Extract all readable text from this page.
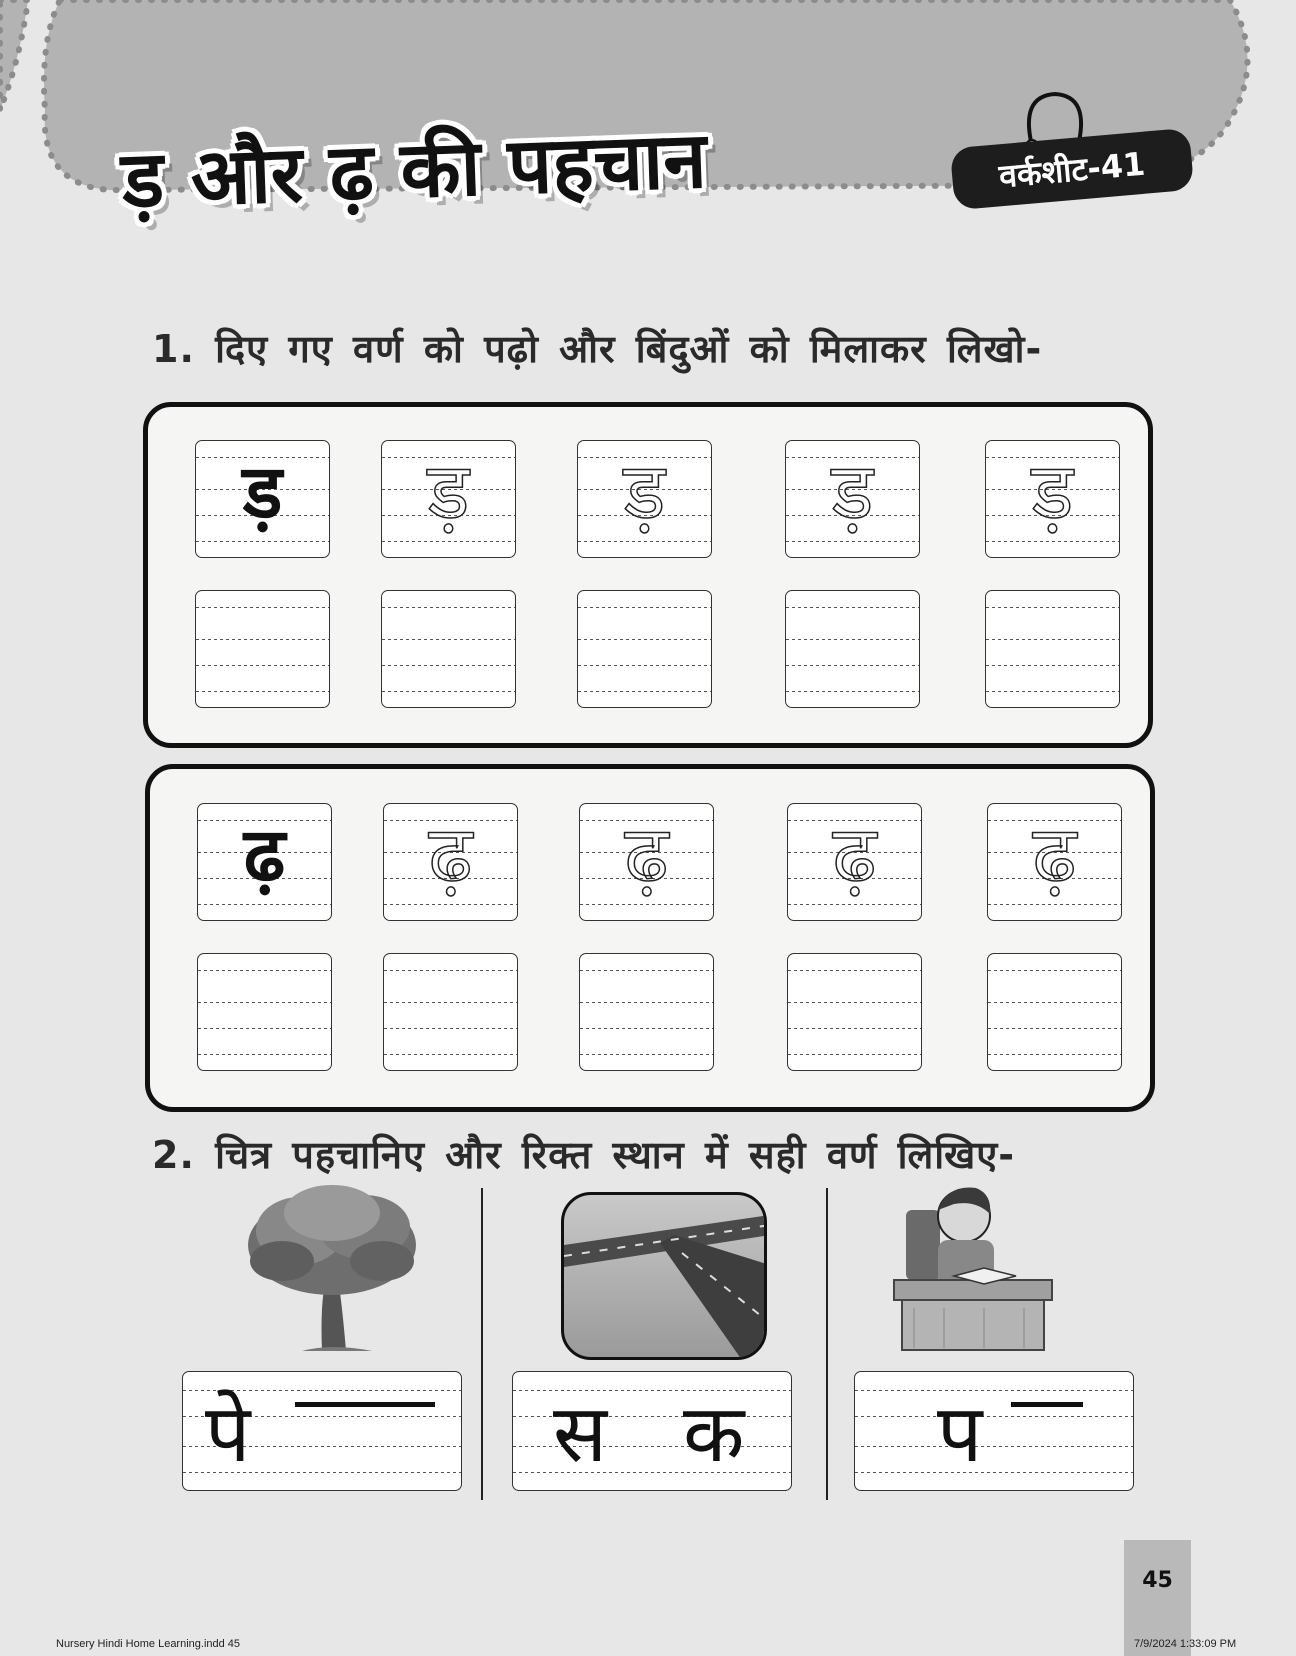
ड़ और ढ़ की पहचान	वर्कशीट-41

1. दिए गए वर्ण को पढ़ो और बिंदुओं को मिलाकर लिखो-

ड़	ड़	ड़	ड़	ड़
ढ़	ढ़	ढ़	ढ़	ढ़

2. चित्र पहचानिए और रिक्त स्थान में सही वर्ण लिखिए-

पे	स क प
45
Nursery Hindi Home Learning.indd 45	7/9/2024 1:33:09 PM
